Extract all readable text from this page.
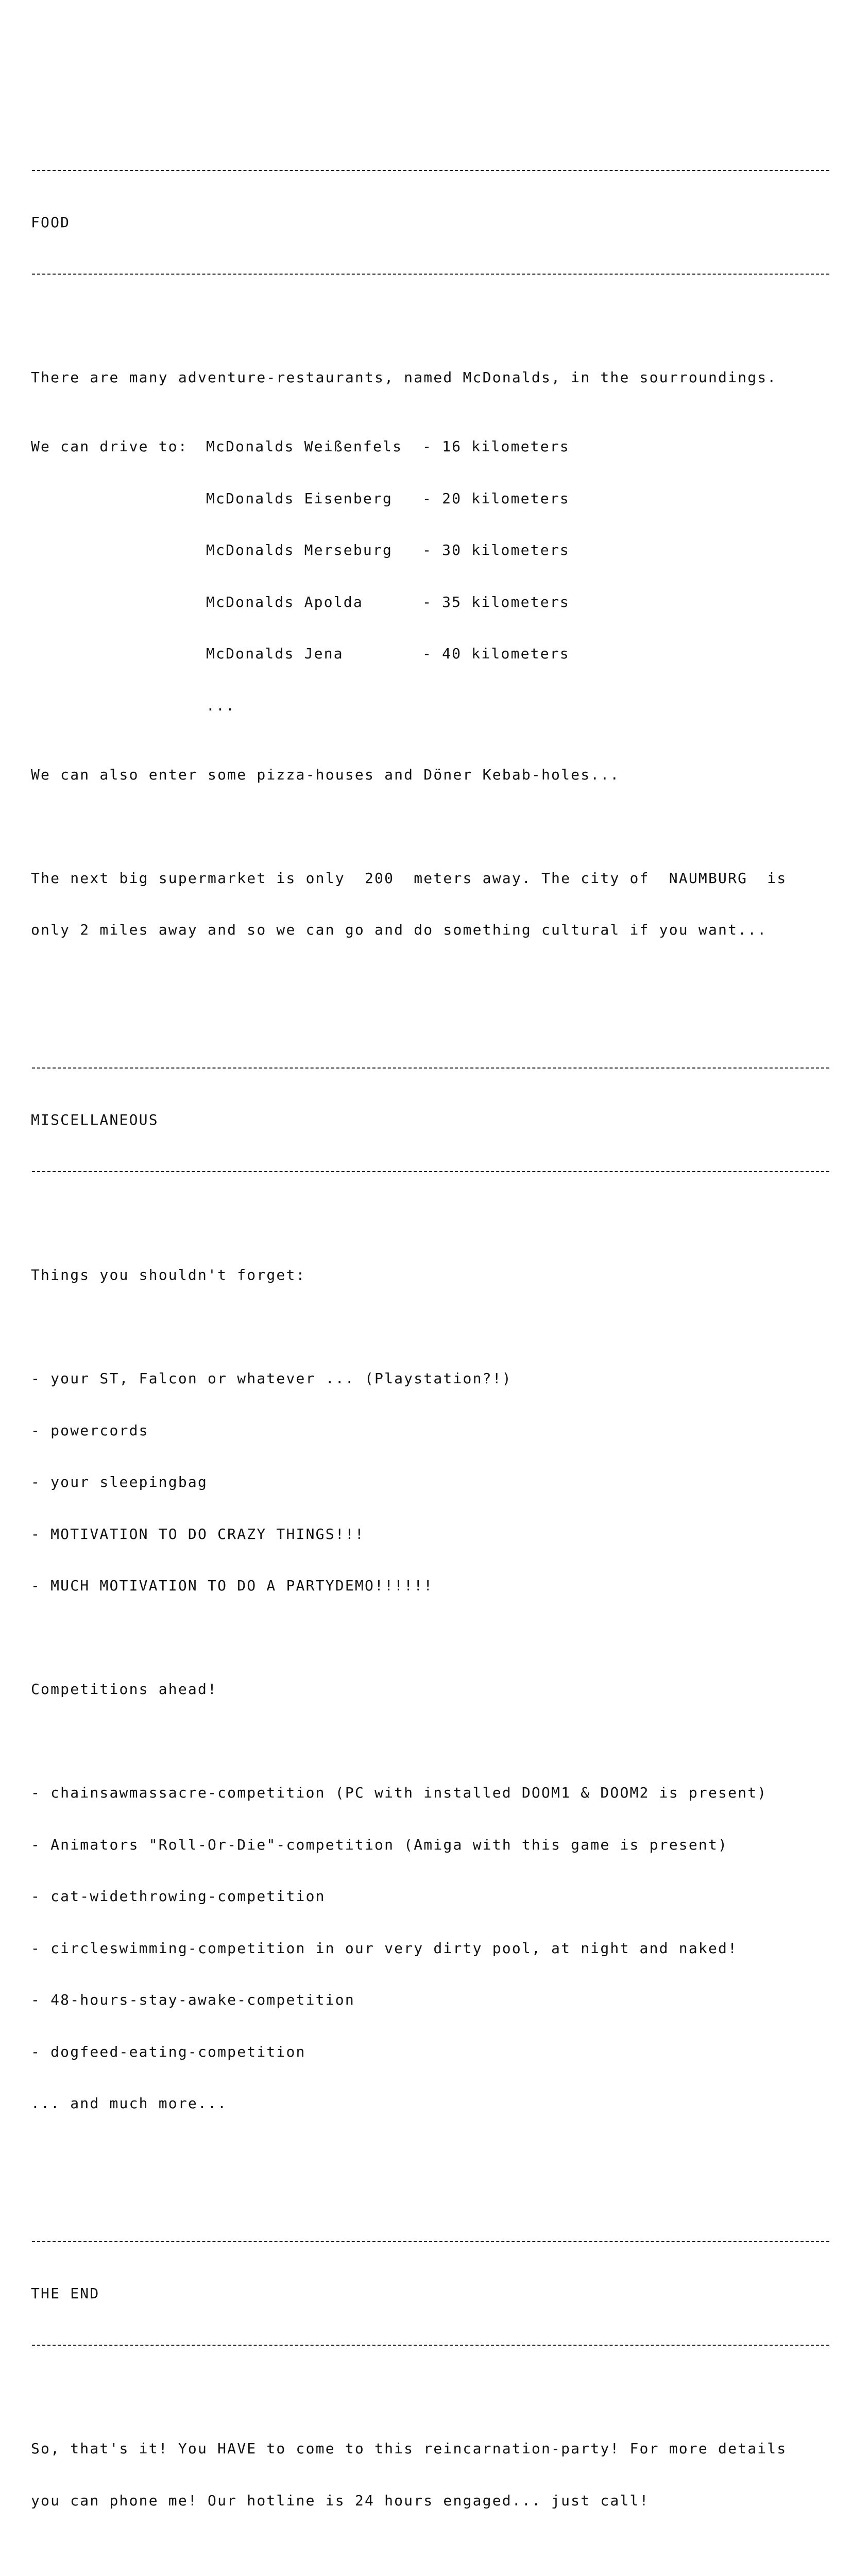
FOOD

There are many adventure-restaurants, named McDonalds, in the sourroundings.

We can drive to: McDonalds Weißenfels - 16 kilometers

McDonalds Eisenberg - 20 kilometers

McDonalds Merseburg - 30 kilometers

McDonalds Apolda	- 35 kilometers

McDonalds Jena	- 40 kilometers

...

We can also enter some pizza-houses and Döner Kebab-holes...

The next big supermarket is only  200  meters away. The city of  NAUMBURG  is

only 2 miles away and so we can go and do something cultural if you want...

MISCELLANEOUS

Things you shouldn't forget:

- your ST, Falcon or whatever ... (Playstation?!)

- powercords

- your sleepingbag

- MOTIVATION TO DO CRAZY THINGS!!!

- MUCH MOTIVATION TO DO A PARTYDEMO!!!!!!

Competitions ahead!

- chainsawmassacre-competition (PC with installed DOOM1 & DOOM2 is present)

- Animators "Roll-Or-Die"-competition (Amiga with this game is present)

- cat-widethrowing-competition

- circleswimming-competition in our very dirty pool, at night and naked!

- 48-hours-stay-awake-competition

- dogfeed-eating-competition

... and much more...

THE END

So, that's it! You HAVE to come to this reincarnation-party! For more details

you can phone me! Our hotline is 24 hours engaged... just call!
